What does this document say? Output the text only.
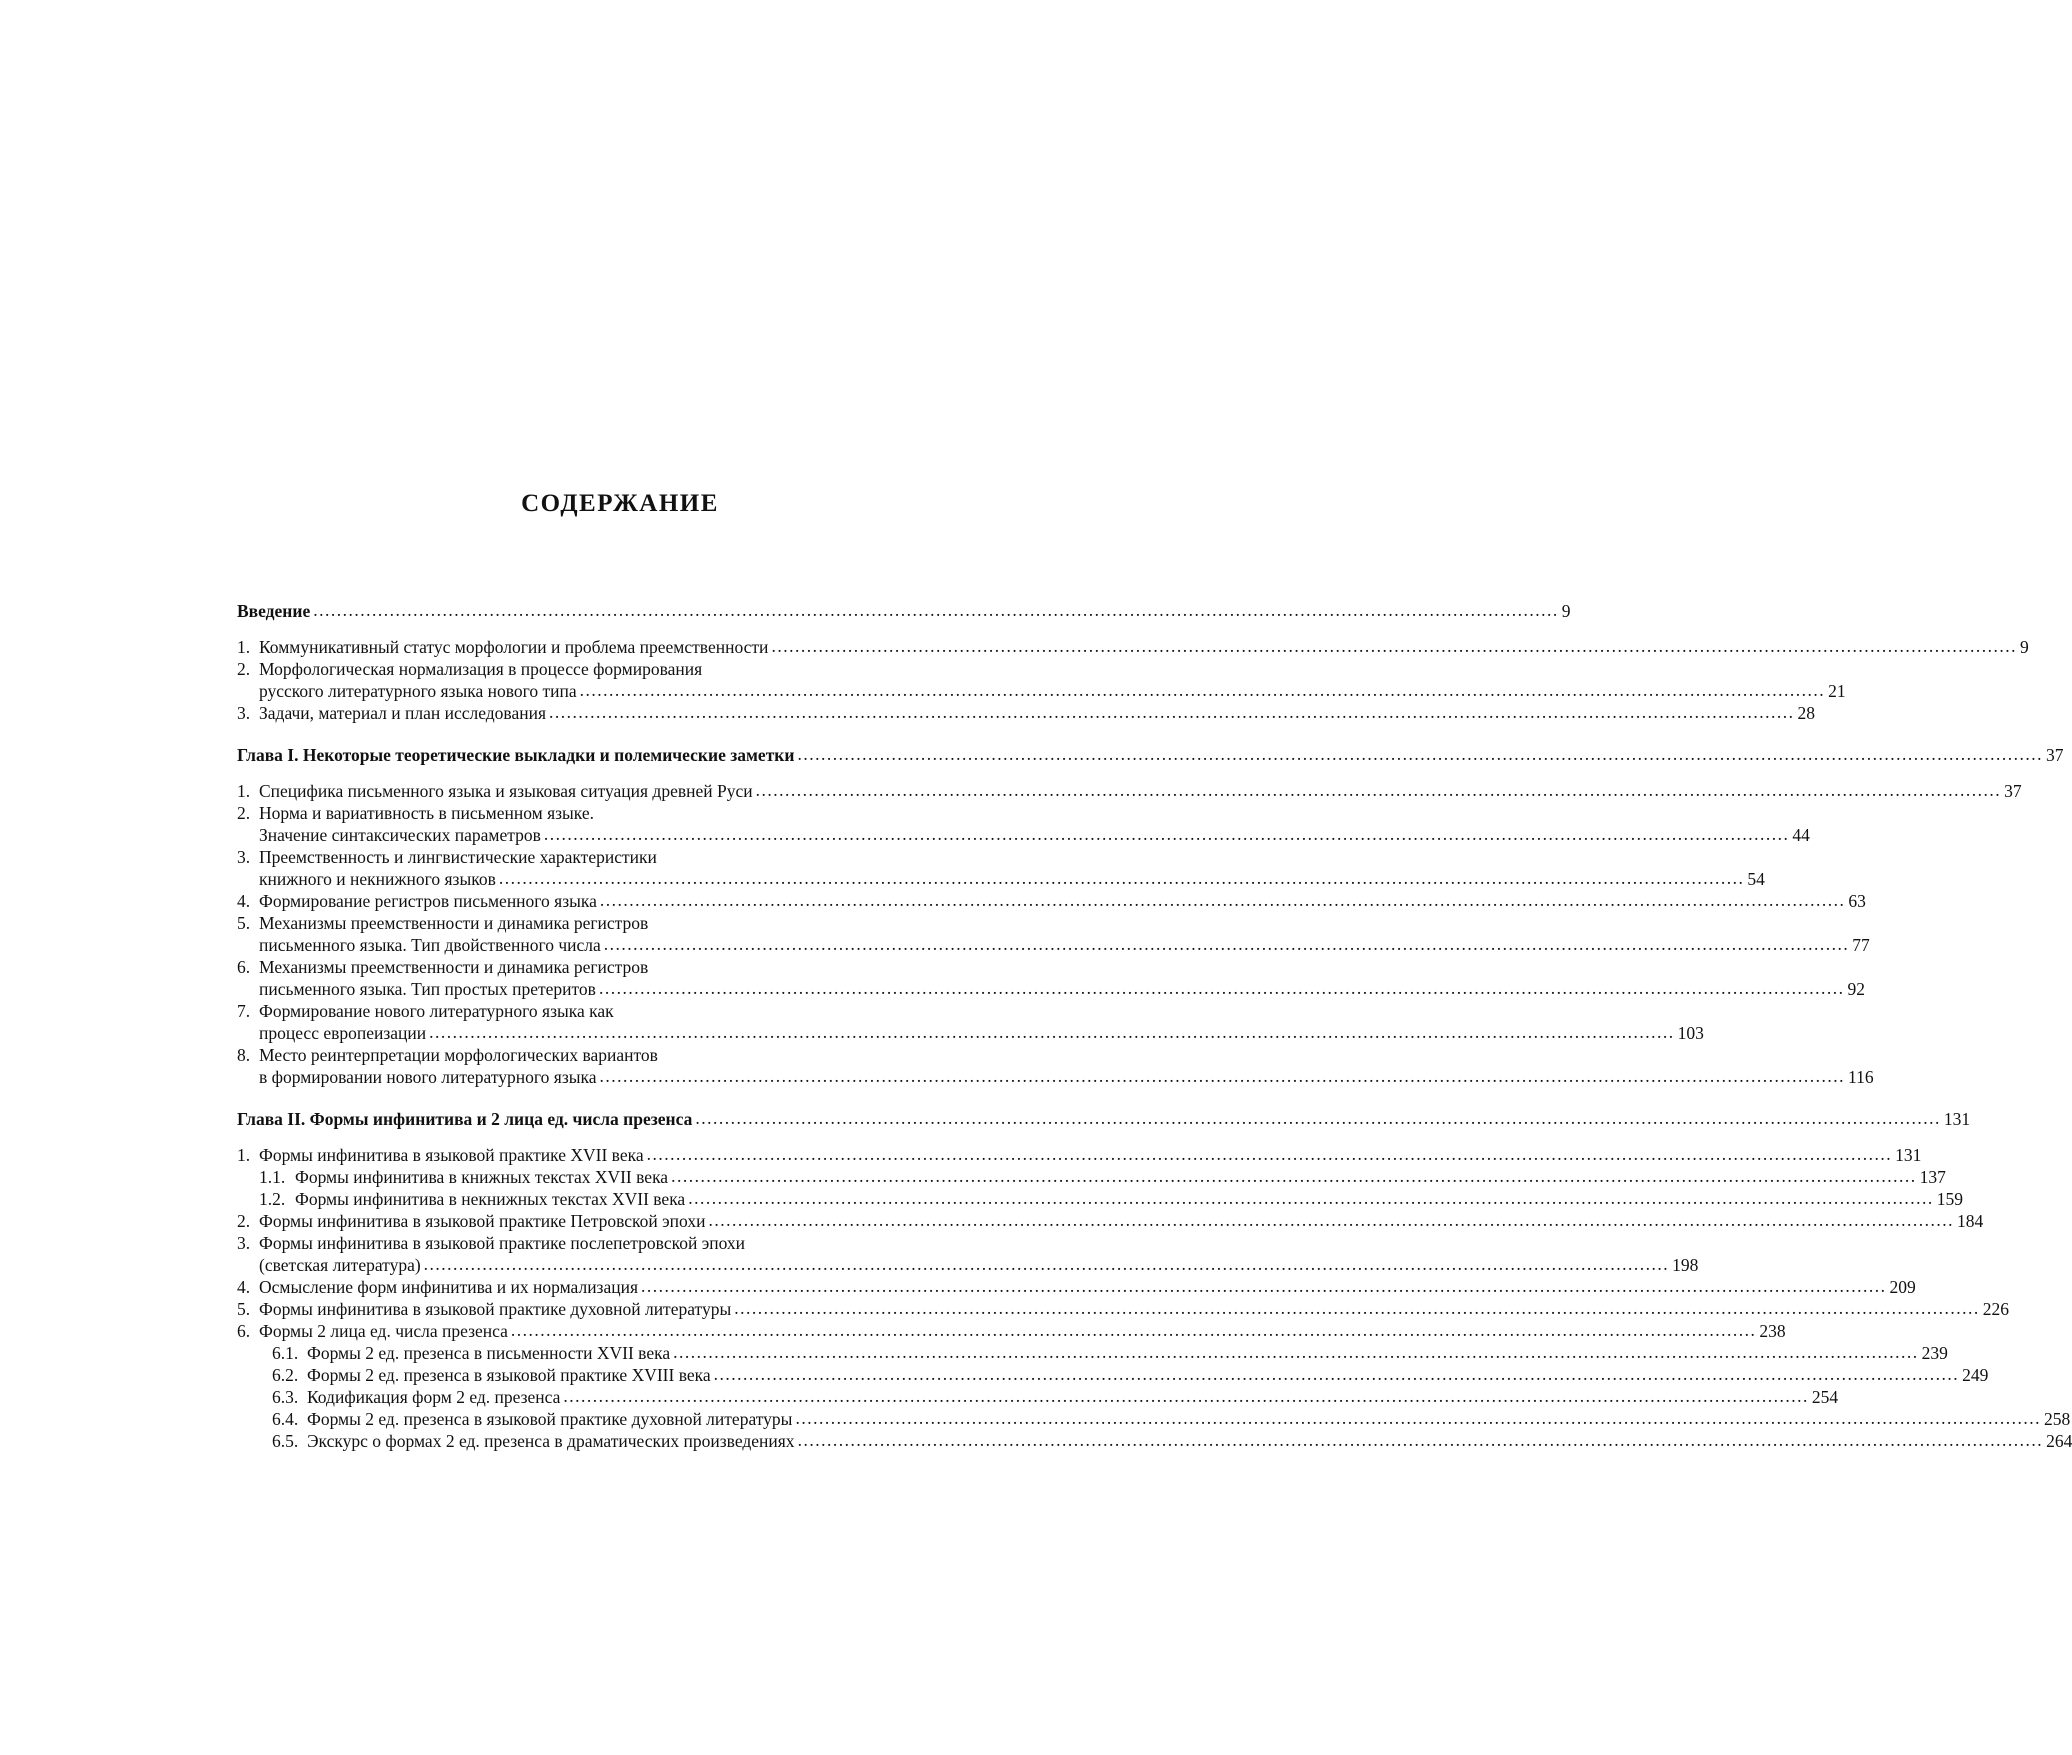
СОДЕРЖАНИЕ
Введение .................................................................................................................................................................................................................... 9
1. Коммуникативный статус морфологии и проблема преемственности .................................................................................................................................................................................................................... 9
2. Морфологическая нормализация в процессе формирования
русского литературного языка нового типа .................................................................................................................................................................................................................... 21
3. Задачи, материал и план исследования .................................................................................................................................................................................................................... 28
Глава I. Некоторые теоретические выкладки и полемические заметки .................................................................................................................................................................................................................... 37
1. Специфика письменного языка и языковая ситуация древней Руси .................................................................................................................................................................................................................... 37
2. Норма и вариативность в письменном языке.
Значение синтаксических параметров .................................................................................................................................................................................................................... 44
3. Преемственность и лингвистические характеристики
книжного и некнижного языков .................................................................................................................................................................................................................... 54
4. Формирование регистров письменного языка .................................................................................................................................................................................................................... 63
5. Механизмы преемственности и динамика регистров
письменного языка. Тип двойственного числа .................................................................................................................................................................................................................... 77
6. Механизмы преемственности и динамика регистров
письменного языка. Тип простых претеритов .................................................................................................................................................................................................................... 92
7. Формирование нового литературного языка как
процесс европеизации .................................................................................................................................................................................................................... 103
8. Место реинтерпретации морфологических вариантов
в формировании нового литературного языка .................................................................................................................................................................................................................... 116
Глава II. Формы инфинитива и 2 лица ед. числа презенса .................................................................................................................................................................................................................... 131
1. Формы инфинитива в языковой практике XVII века .................................................................................................................................................................................................................... 131
1.1. Формы инфинитива в книжных текстах XVII века .................................................................................................................................................................................................................... 137
1.2. Формы инфинитива в некнижных текстах XVII века .................................................................................................................................................................................................................... 159
2. Формы инфинитива в языковой практике Петровской эпохи .................................................................................................................................................................................................................... 184
3. Формы инфинитива в языковой практике послепетровской эпохи
(светская литература) .................................................................................................................................................................................................................... 198
4. Осмысление форм инфинитива и их нормализация .................................................................................................................................................................................................................... 209
5. Формы инфинитива в языковой практике духовной литературы .................................................................................................................................................................................................................... 226
6. Формы 2 лица ед. числа презенса .................................................................................................................................................................................................................... 238
6.1. Формы 2 ед. презенса в письменности XVII века .................................................................................................................................................................................................................... 239
6.2. Формы 2 ед. презенса в языковой практике XVIII века .................................................................................................................................................................................................................... 249
6.3. Кодификация форм 2 ед. презенса .................................................................................................................................................................................................................... 254
6.4. Формы 2 ед. презенса в языковой практике духовной литературы .................................................................................................................................................................................................................... 258
6.5. Экскурс о формах 2 ед. презенса в драматических произведениях .................................................................................................................................................................................................................... 264
